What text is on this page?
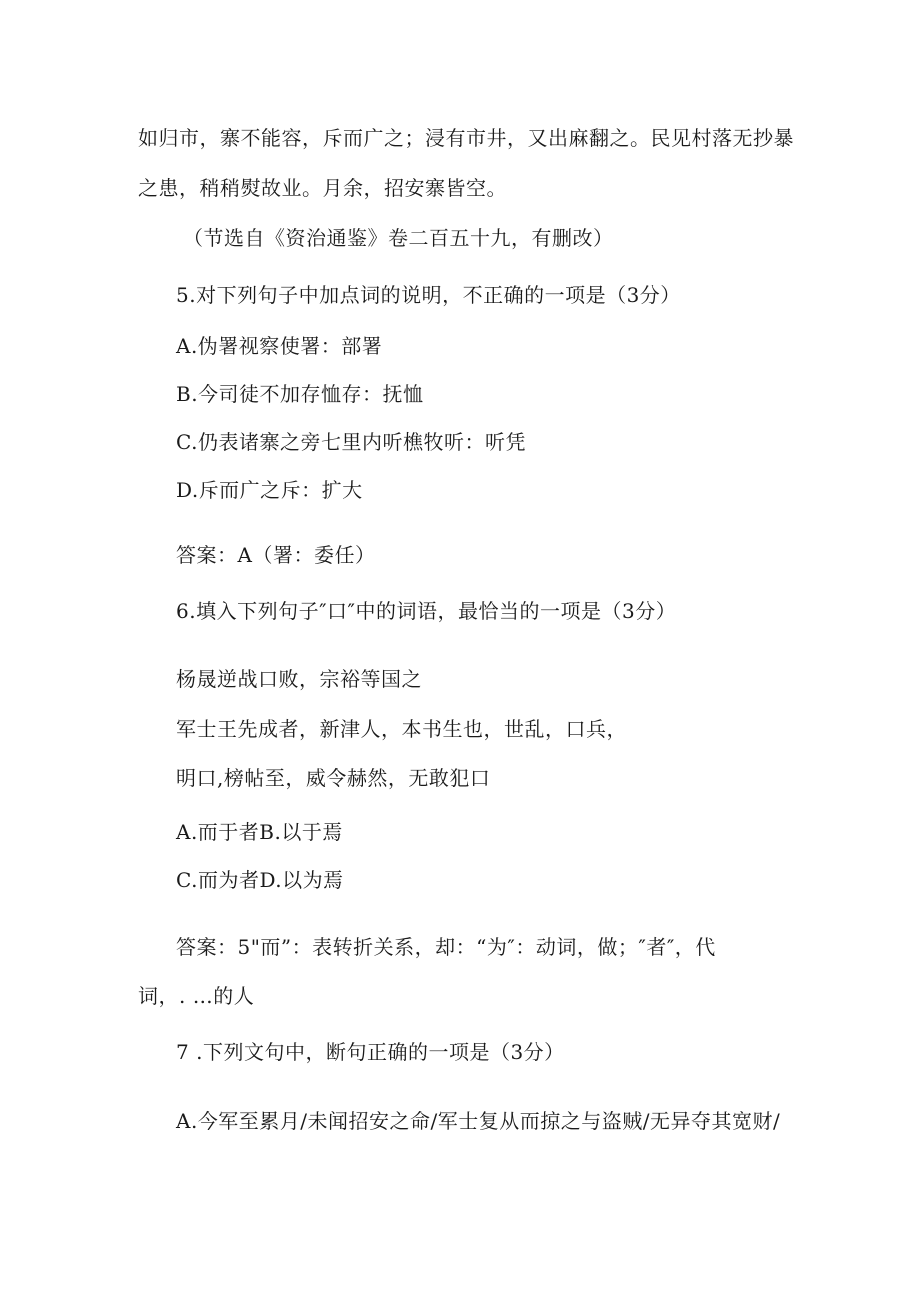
如归市，寨不能容，斥而广之；浸有市井，又出麻翻之。民见村落无抄暴
之患，稍稍熨故业。月余，招安寨皆空。
（节选自《资治通鉴》卷二百五十九，有删改）
5.对下列句子中加点词的说明，不正确的一项是（3分）
A.伪署视察使署：部署
B.今司徒不加存恤存：抚恤
C.仍表诸寨之旁七里内听樵牧听：听凭
D.斥而广之斥：扩大
答案：A（署：委任）
6.填入下列句子″口″中的词语，最恰当的一项是（3分）
杨晟逆战口败，宗裕等国之
军士王先成者，新津人，本书生也，世乱，口兵，
明口,榜帖至，威令赫然，无敢犯口
A.而于者B.以于焉
C.而为者D.以为焉
答案：5"而”：表转折关系，却：“为″：动词，做；″者″，代
词，. …的人
7 .下列文句中，断句正确的一项是（3分）
A.今军至累月/未闻招安之命/军士复从而掠之与盗贼/无异夺其宽财/
